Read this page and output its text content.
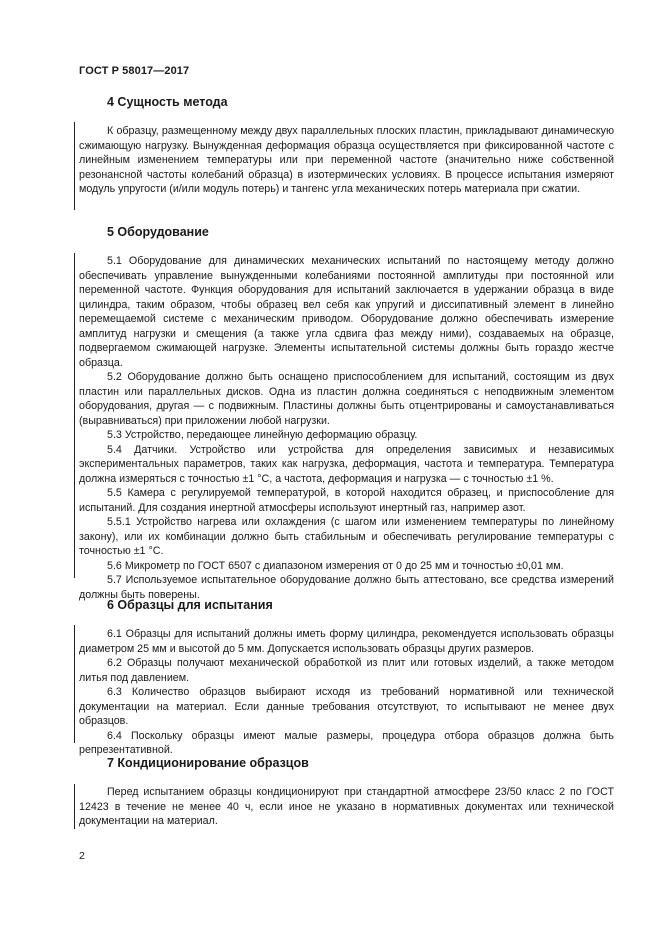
ГОСТ Р 58017—2017
4 Сущность метода

К образцу, размещенному между двух параллельных плоских пластин, прикладывают динамическую сжимающую нагрузку. Вынужденная деформация образца осуществляется при фиксированной частоте с линейным изменением температуры или при переменной частоте (значительно ниже собственной резонансной частоты колебаний образца) в изотермических условиях. В процессе испытания измеряют модуль упругости (и/или модуль потерь) и тангенс угла механических потерь материала при сжатии.

5 Оборудование

5.1 Оборудование для динамических механических испытаний по настоящему методу должно обеспечивать управление вынужденными колебаниями постоянной амплитуды при постоянной или переменной частоте. Функция оборудования для испытаний заключается в удержании образца в виде цилиндра, таким образом, чтобы образец вел себя как упругий и диссипативный элемент в линейно перемещаемой системе с механическим приводом. Оборудование должно обеспечивать измерение амплитуд нагрузки и смещения (а также угла сдвига фаз между ними), создаваемых на образце, подвергаемом сжимающей нагрузке. Элементы испытательной системы должны быть гораздо жестче образца.

5.2 Оборудование должно быть оснащено приспособлением для испытаний, состоящим из двух пластин или параллельных дисков. Одна из пластин должна соединяться с неподвижным элементом оборудования, другая — с подвижным. Пластины должны быть отцентрированы и самоустанавливаться (выравниваться) при приложении любой нагрузки.

5.3 Устройство, передающее линейную деформацию образцу.

5.4 Датчики. Устройство или устройства для определения зависимых и независимых экспериментальных параметров, таких как нагрузка, деформация, частота и температура. Температура должна измеряться с точностью ±1 °С, а частота, деформация и нагрузка — с точностью ±1 %.

5.5 Камера с регулируемой температурой, в которой находится образец, и приспособление для испытаний. Для создания инертной атмосферы используют инертный газ, например азот.

5.5.1 Устройство нагрева или охлаждения (с шагом или изменением температуры по линейному закону), или их комбинации должно быть стабильным и обеспечивать регулирование температуры с точностью ±1 °С.

5.6 Микрометр по ГОСТ 6507 с диапазоном измерения от 0 до 25 мм и точностью ±0,01 мм.

5.7 Используемое испытательное оборудование должно быть аттестовано, все средства измерений должны быть поверены.

6 Образцы для испытания

6.1 Образцы для испытаний должны иметь форму цилиндра, рекомендуется использовать образцы диаметром 25 мм и высотой до 5 мм. Допускается использовать образцы других размеров.

6.2 Образцы получают механической обработкой из плит или готовых изделий, а также методом литья под давлением.

6.3 Количество образцов выбирают исходя из требований нормативной или технической документации на материал. Если данные требования отсутствуют, то испытывают не менее двух образцов.

6.4 Поскольку образцы имеют малые размеры, процедура отбора образцов должна быть репрезентативной.

7 Кондиционирование образцов

Перед испытанием образцы кондиционируют при стандартной атмосфере 23/50 класс 2 по ГОСТ 12423 в течение не менее 40 ч, если иное не указано в нормативных документах или технической документации на материал.

2
